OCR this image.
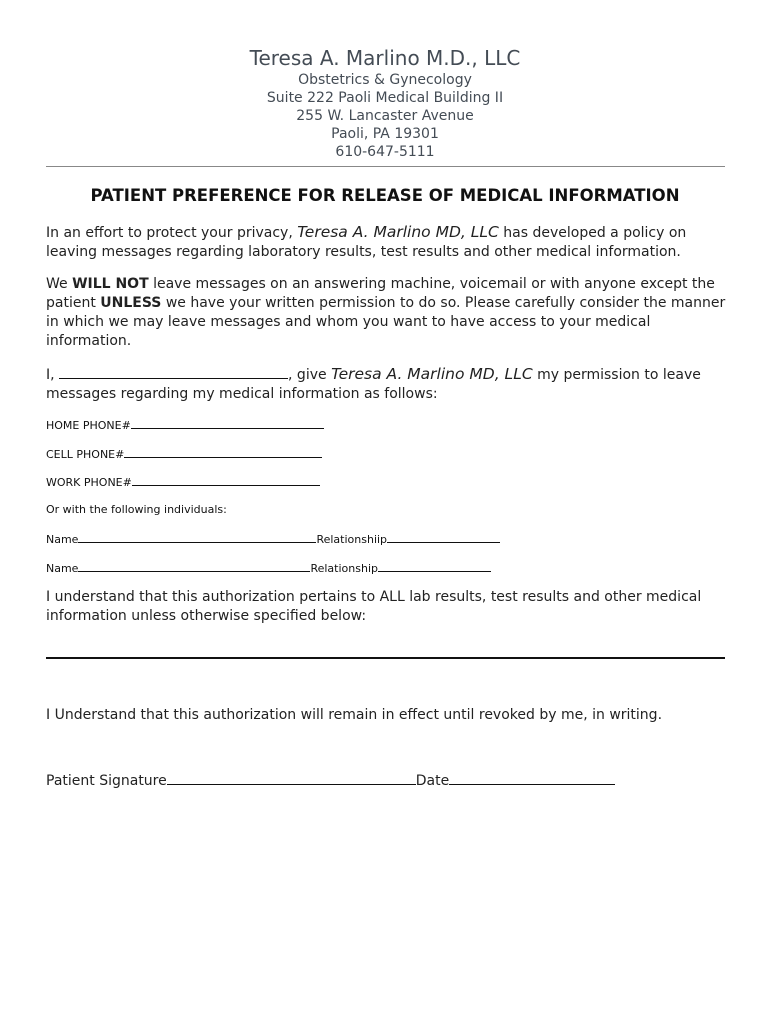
Teresa A. Marlino M.D., LLC
Obstetrics & Gynecology
Suite 222 Paoli Medical Building II
255 W. Lancaster Avenue
Paoli, PA 19301
610-647-5111
PATIENT PREFERENCE FOR RELEASE OF MEDICAL INFORMATION
In an effort to protect your privacy, Teresa A. Marlino MD, LLC has developed a policy on leaving messages regarding laboratory results, test results and other medical information.
We WILL NOT leave messages on an answering machine, voicemail or with anyone except the patient UNLESS we have your written permission to do so. Please carefully consider the manner in which we may leave messages and whom you want to have access to your medical information.
I,	, give Teresa A. Marlino MD, LLC my permission to leave messages regarding my medical information as follows:
HOME PHONE#
CELL PHONE#
WORK PHONE#
Or with the following individuals:
Name	Relationshiip
Name	Relationship
I understand that this authorization pertains to ALL lab results, test results and other medical information unless otherwise specified below:
I Understand that this authorization will remain in effect until revoked by me, in writing.
Patient Signature	Date
